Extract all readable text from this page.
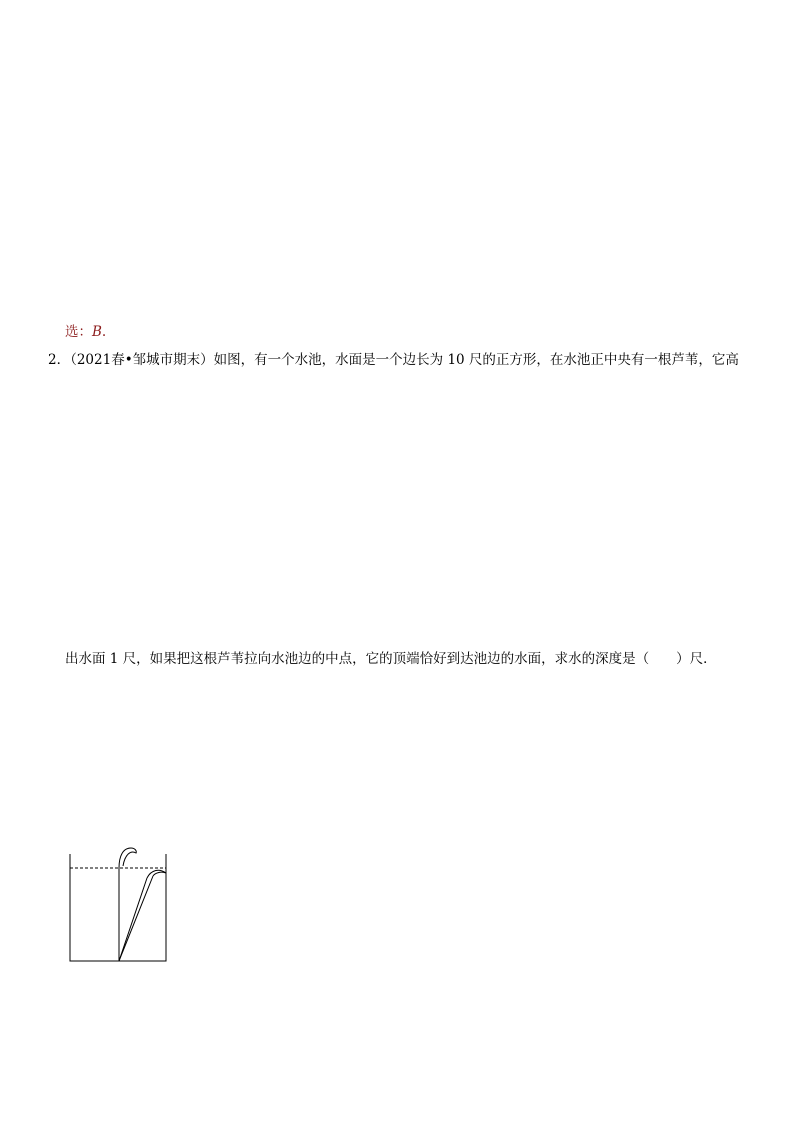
选：B.

2．（2021春•邹城市期末）如图，有一个水池，水面是一个边长为 10 尺的正方形，在水池正中央有一根芦苇，它高

出水面 1 尺，如果把这根芦苇拉向水池边的中点，它的顶端恰好到达池边的水面，求水的深度是（　　）尺．
